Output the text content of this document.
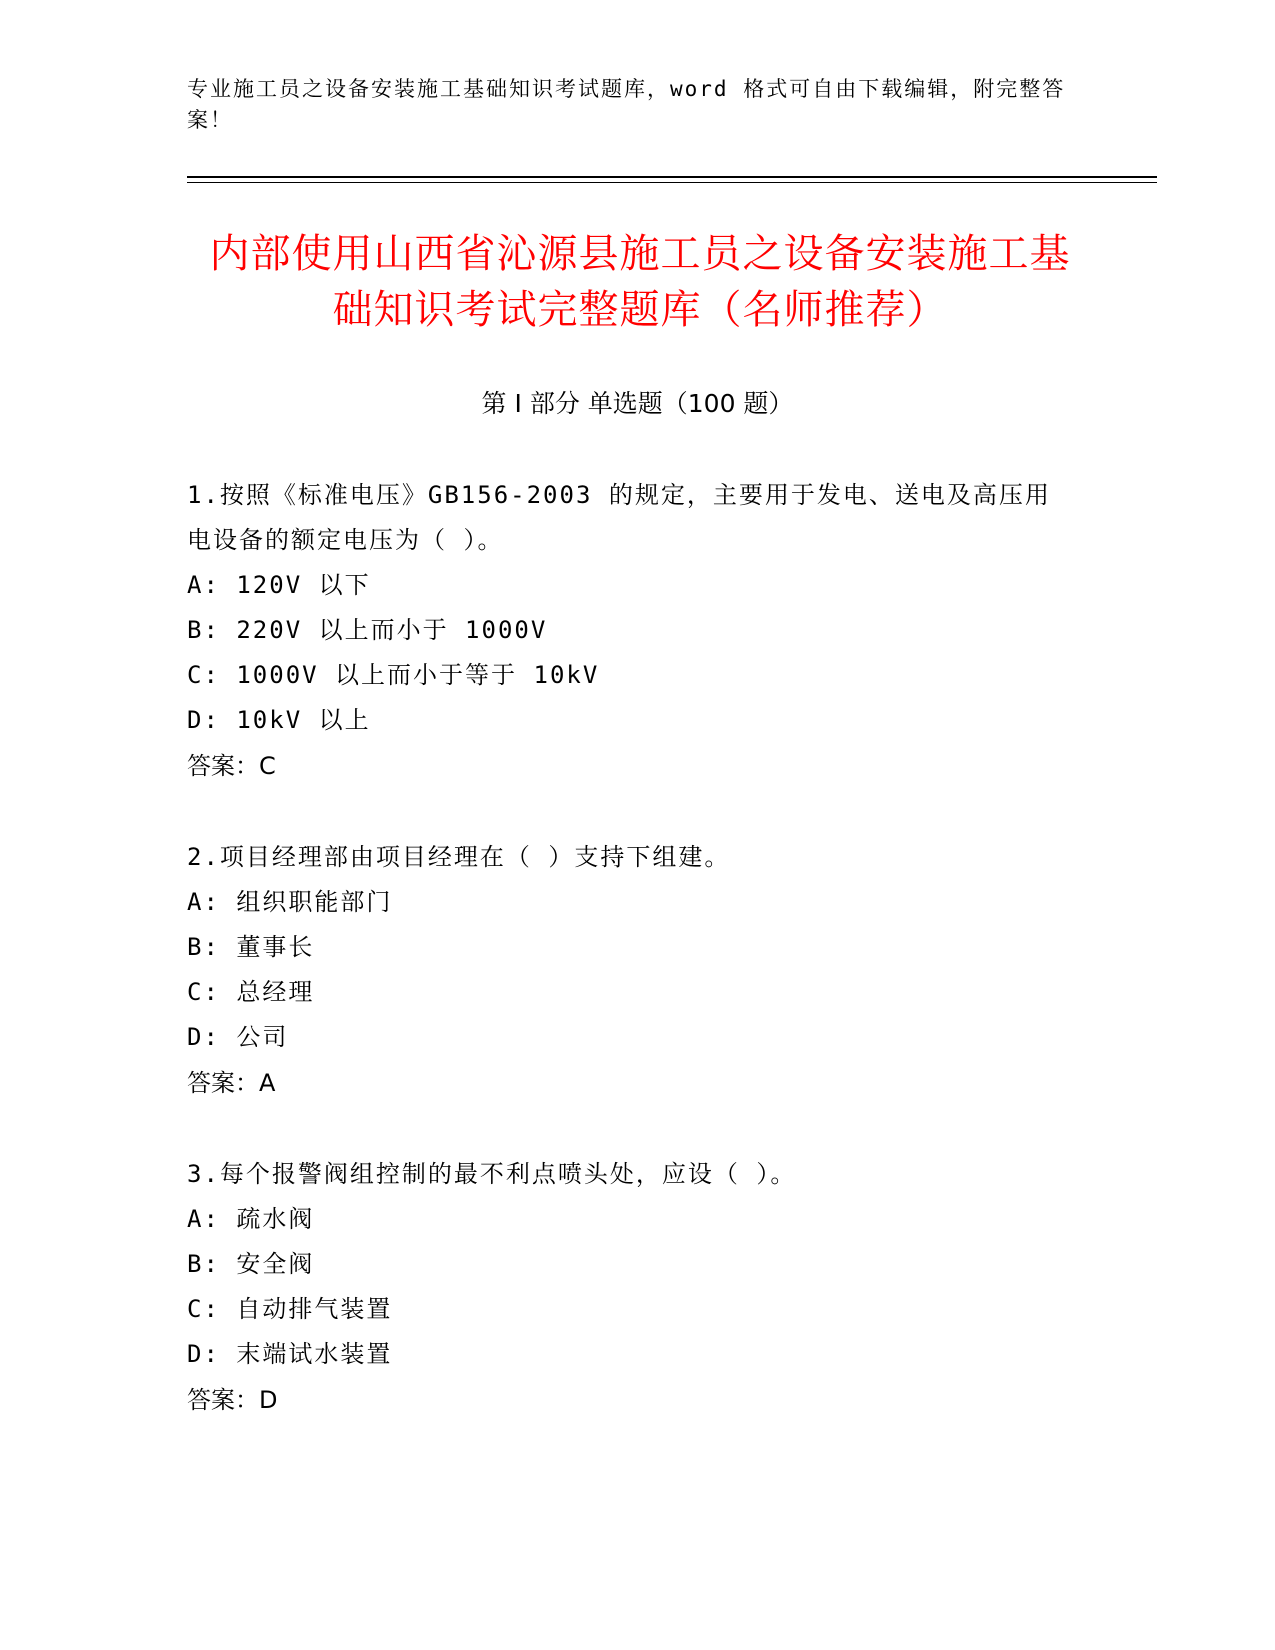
专业施工员之设备安装施工基础知识考试题库，word 格式可自由下载编辑，附完整答案！
内部使用山西省沁源县施工员之设备安装施工基础知识考试完整题库（名师推荐）
第 I 部分 单选题（100 题）
1.按照《标准电压》GB156-2003 的规定，主要用于发电、送电及高压用电设备的额定电压为（ ）。
A: 120V 以下
B: 220V 以上而小于 1000V
C: 1000V 以上而小于等于 10kV
D: 10kV 以上
答案：C
2.项目经理部由项目经理在（ ）支持下组建。
A: 组织职能部门
B: 董事长
C: 总经理
D: 公司
答案：A
3.每个报警阀组控制的最不利点喷头处，应设（ ）。
A: 疏水阀
B: 安全阀
C: 自动排气装置
D: 末端试水装置
答案：D
